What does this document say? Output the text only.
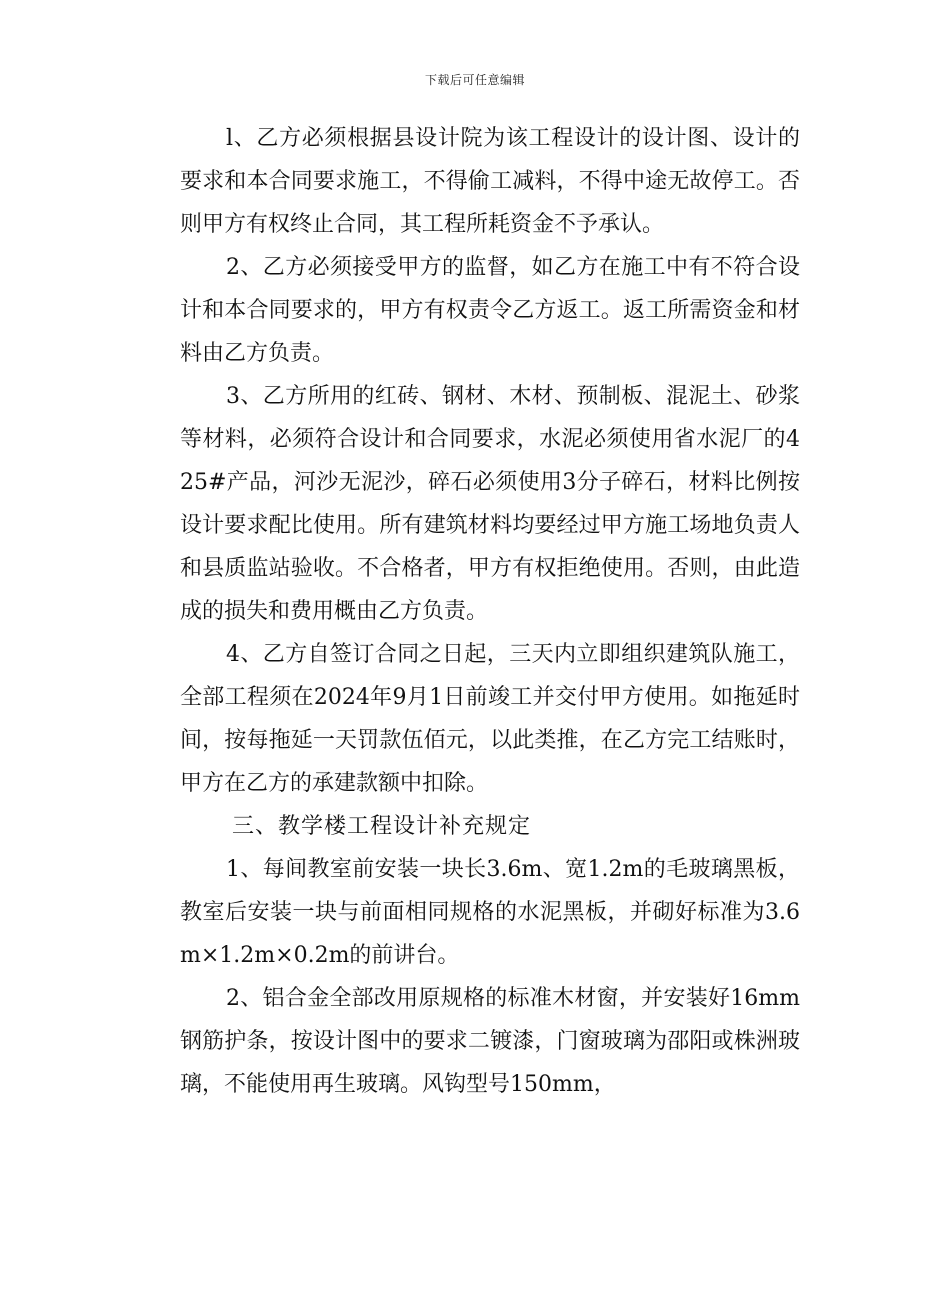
下载后可任意编辑

l、乙方必须根据县设计院为该工程设计的设计图、设计的要求和本合同要求施工，不得偷工减料，不得中途无故停工。否则甲方有权终止合同，其工程所耗资金不予承认。

2、乙方必须接受甲方的监督，如乙方在施工中有不符合设计和本合同要求的，甲方有权责令乙方返工。返工所需资金和材料由乙方负责。

3、乙方所用的红砖、钢材、木材、预制板、混泥土、砂浆等材料，必须符合设计和合同要求，水泥必须使用省水泥厂的425#产品，河沙无泥沙，碎石必须使用3分子碎石，材料比例按设计要求配比使用。所有建筑材料均要经过甲方施工场地负责人和县质监站验收。不合格者，甲方有权拒绝使用。否则，由此造成的损失和费用概由乙方负责。

4、乙方自签订合同之日起，三天内立即组织建筑队施工，全部工程须在2024年9月1日前竣工并交付甲方使用。如拖延时间，按每拖延一天罚款伍佰元，以此类推，在乙方完工结账时，甲方在乙方的承建款额中扣除。

三、教学楼工程设计补充规定

1、每间教室前安装一块长3.6m、宽1.2m的毛玻璃黑板，教室后安装一块与前面相同规格的水泥黑板，并砌好标准为3.6m×1.2m×0.2m的前讲台。

2、铝合金全部改用原规格的标准木材窗，并安装好16mm钢筋护条，按设计图中的要求二镀漆，门窗玻璃为邵阳或株洲玻璃，不能使用再生玻璃。风钩型号150mm，
